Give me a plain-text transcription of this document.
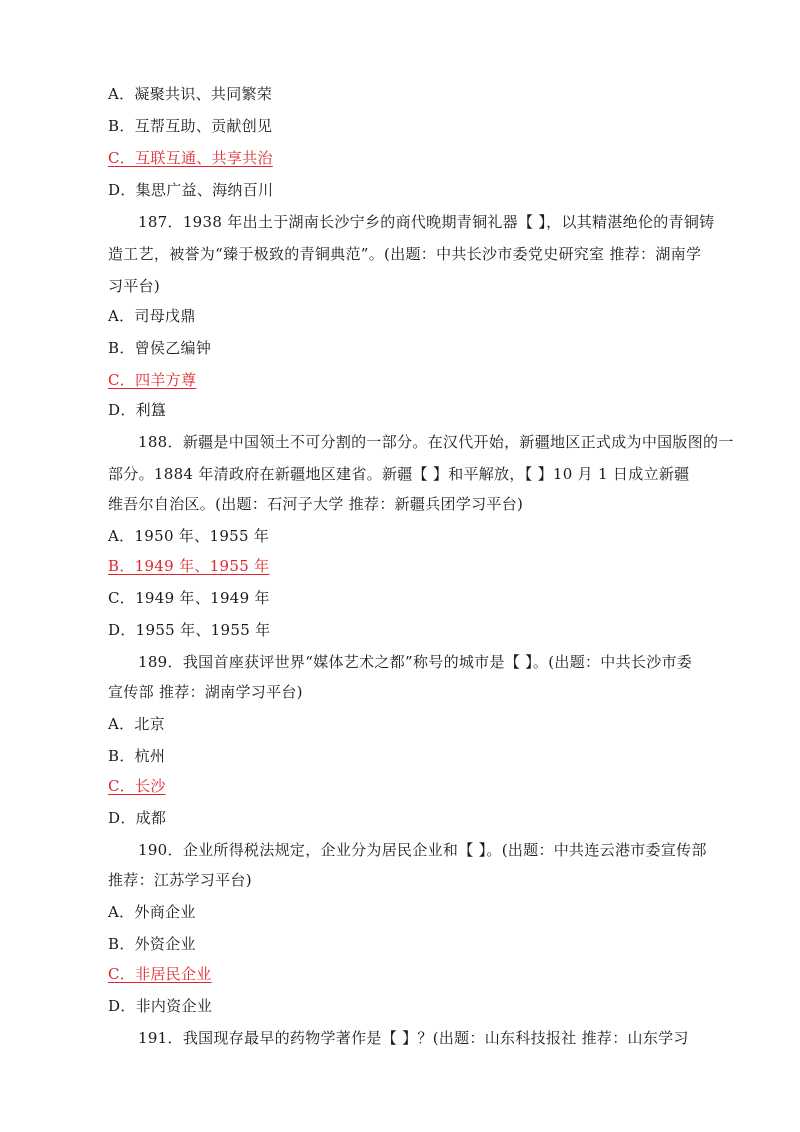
A．凝聚共识、共同繁荣
B．互帮互助、贡献创见
C．互联互通、共享共治
D．集思广益、海纳百川
187．1938 年出土于湖南长沙宁乡的商代晚期青铜礼器【 】，以其精湛绝伦的青铜铸
造工艺，被誉为“臻于极致的青铜典范”。(出题：中共长沙市委党史研究室 推荐：湖南学
习平台)
A．司母戊鼎
B．曾侯乙编钟
C．四羊方尊
D．利簋
188．新疆是中国领土不可分割的一部分。在汉代开始，新疆地区正式成为中国版图的一
部分。1884 年清政府在新疆地区建省。新疆【 】和平解放，【 】10 月 1 日成立新疆
维吾尔自治区。(出题：石河子大学 推荐：新疆兵团学习平台)
A．1950 年、1955 年
B．1949 年、1955 年
C．1949 年、1949 年
D．1955 年、1955 年
189．我国首座获评世界“媒体艺术之都”称号的城市是【 】。(出题：中共长沙市委
宣传部 推荐：湖南学习平台)
A．北京
B．杭州
C．长沙
D．成都
190．企业所得税法规定，企业分为居民企业和【 】。(出题：中共连云港市委宣传部
推荐：江苏学习平台)
A．外商企业
B．外资企业
C．非居民企业
D．非内资企业
191．我国现存最早的药物学著作是【 】？(出题：山东科技报社 推荐：山东学习
